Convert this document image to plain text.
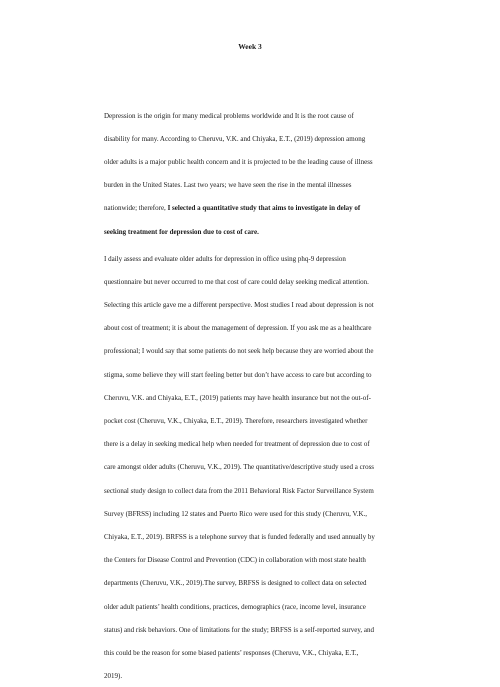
Week 3

Depression is the origin for many medical problems worldwide and It is the root cause of

disability for many. According to Cheruvu, V.K. and Chiyaka, E.T., (2019) depression among

older adults is a major public health concern and it is projected to be the leading cause of illness

burden in the United States. Last two years; we have seen the rise in the mental illnesses

nationwide; therefore, I selected a quantitative study that aims to investigate in delay of

seeking treatment for depression due to cost of care.

I daily assess and evaluate older adults for depression in office using phq-9 depression

questionnaire but never occurred to me that cost of care could delay seeking medical attention.

Selecting this article gave me a different perspective. Most studies I read about depression is not

about cost of treatment; it is about the management of depression. If you ask me as a healthcare

professional; I would say that some patients do not seek help because they are worried about the

stigma, some believe they will start feeling better but don’t have access to care but according to

Cheruvu, V.K. and Chiyaka, E.T., (2019) patients may have health insurance but not the out-of-

pocket cost (Cheruvu, V.K., Chiyaka, E.T., 2019). Therefore, researchers investigated whether

there is a delay in seeking medical help when needed for treatment of depression due to cost of

care amongst older adults (Cheruvu, V.K., 2019). The quantitative/descriptive study used a cross

sectional study design to collect data from the 2011 Behavioral Risk Factor Surveillance System

Survey (BFRSS) including 12 states and Puerto Rico were used for this study (Cheruvu, V.K.,

Chiyaka, E.T., 2019). BRFSS is a telephone survey that is funded federally and used annually by

the Centers for Disease Control and Prevention (CDC) in collaboration with most state health

departments (Cheruvu, V.K., 2019).The survey, BRFSS is designed to collect data on selected

older adult patients’ health conditions, practices, demographics (race, income level, insurance

status) and risk behaviors. One of limitations for the study; BRFSS is a self-reported survey, and

this could be the reason for some biased patients’ responses (Cheruvu, V.K., Chiyaka, E.T.,

2019).
